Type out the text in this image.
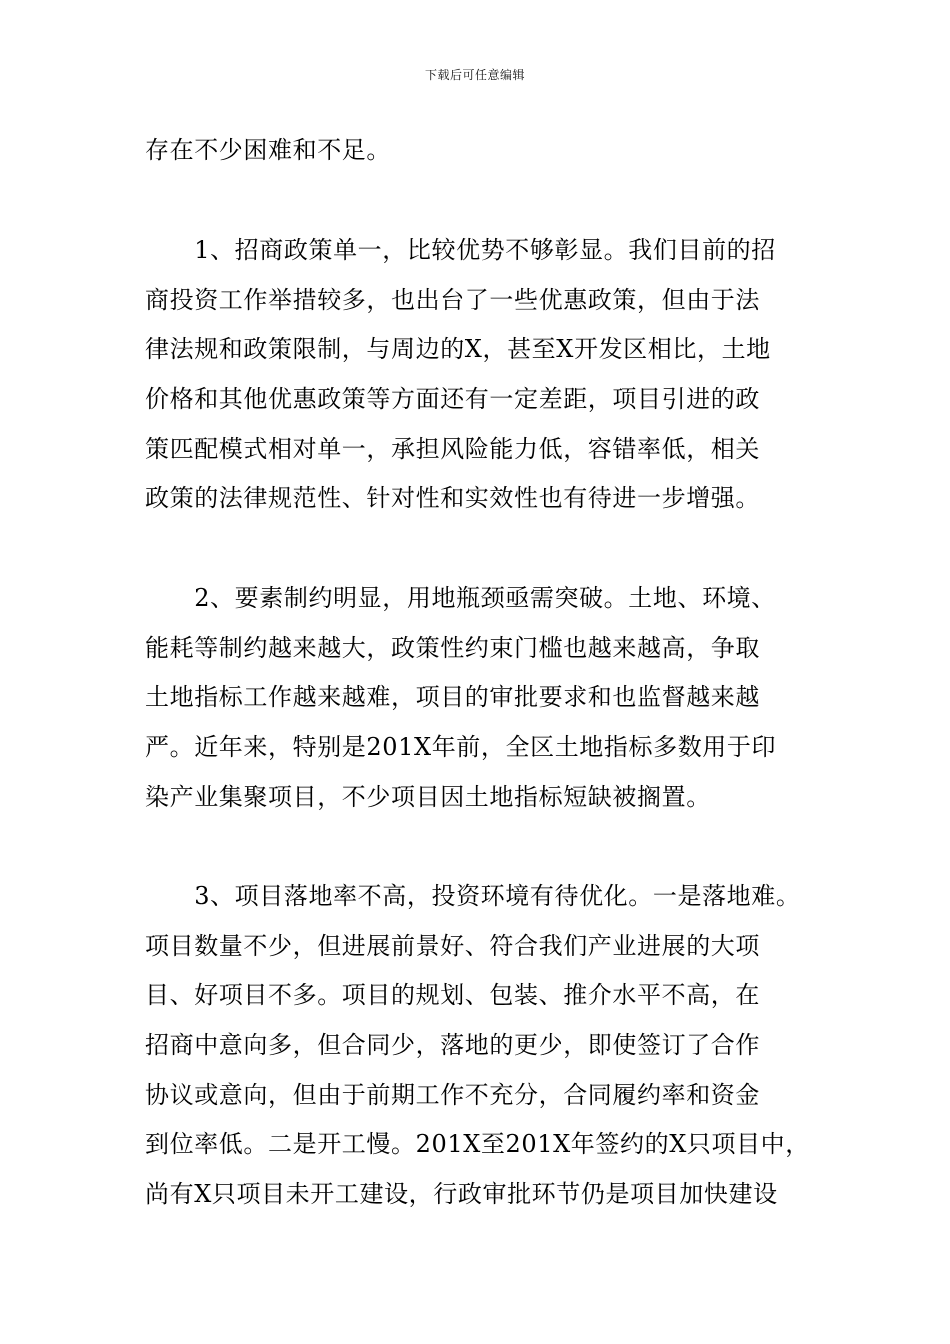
下载后可任意编辑
存在不少困难和不足。
　　1、招商政策单一，比较优势不够彰显。我们目前的招
商投资工作举措较多，也出台了一些优惠政策，但由于法
律法规和政策限制，与周边的X，甚至X开发区相比，土地
价格和其他优惠政策等方面还有一定差距，项目引进的政
策匹配模式相对单一，承担风险能力低，容错率低，相关
政策的法律规范性、针对性和实效性也有待进一步增强。
　　2、要素制约明显，用地瓶颈亟需突破。土地、环境、
能耗等制约越来越大，政策性约束门槛也越来越高，争取
土地指标工作越来越难，项目的审批要求和也监督越来越
严。近年来，特别是201X年前，全区土地指标多数用于印
染产业集聚项目，不少项目因土地指标短缺被搁置。
　　3、项目落地率不高，投资环境有待优化。一是落地难。
项目数量不少，但进展前景好、符合我们产业进展的大项
目、好项目不多。项目的规划、包装、推介水平不高，在
招商中意向多，但合同少，落地的更少，即使签订了合作
协议或意向，但由于前期工作不充分，合同履约率和资金
到位率低。二是开工慢。201X至201X年签约的X只项目中，
尚有X只项目未开工建设，行政审批环节仍是项目加快建设
